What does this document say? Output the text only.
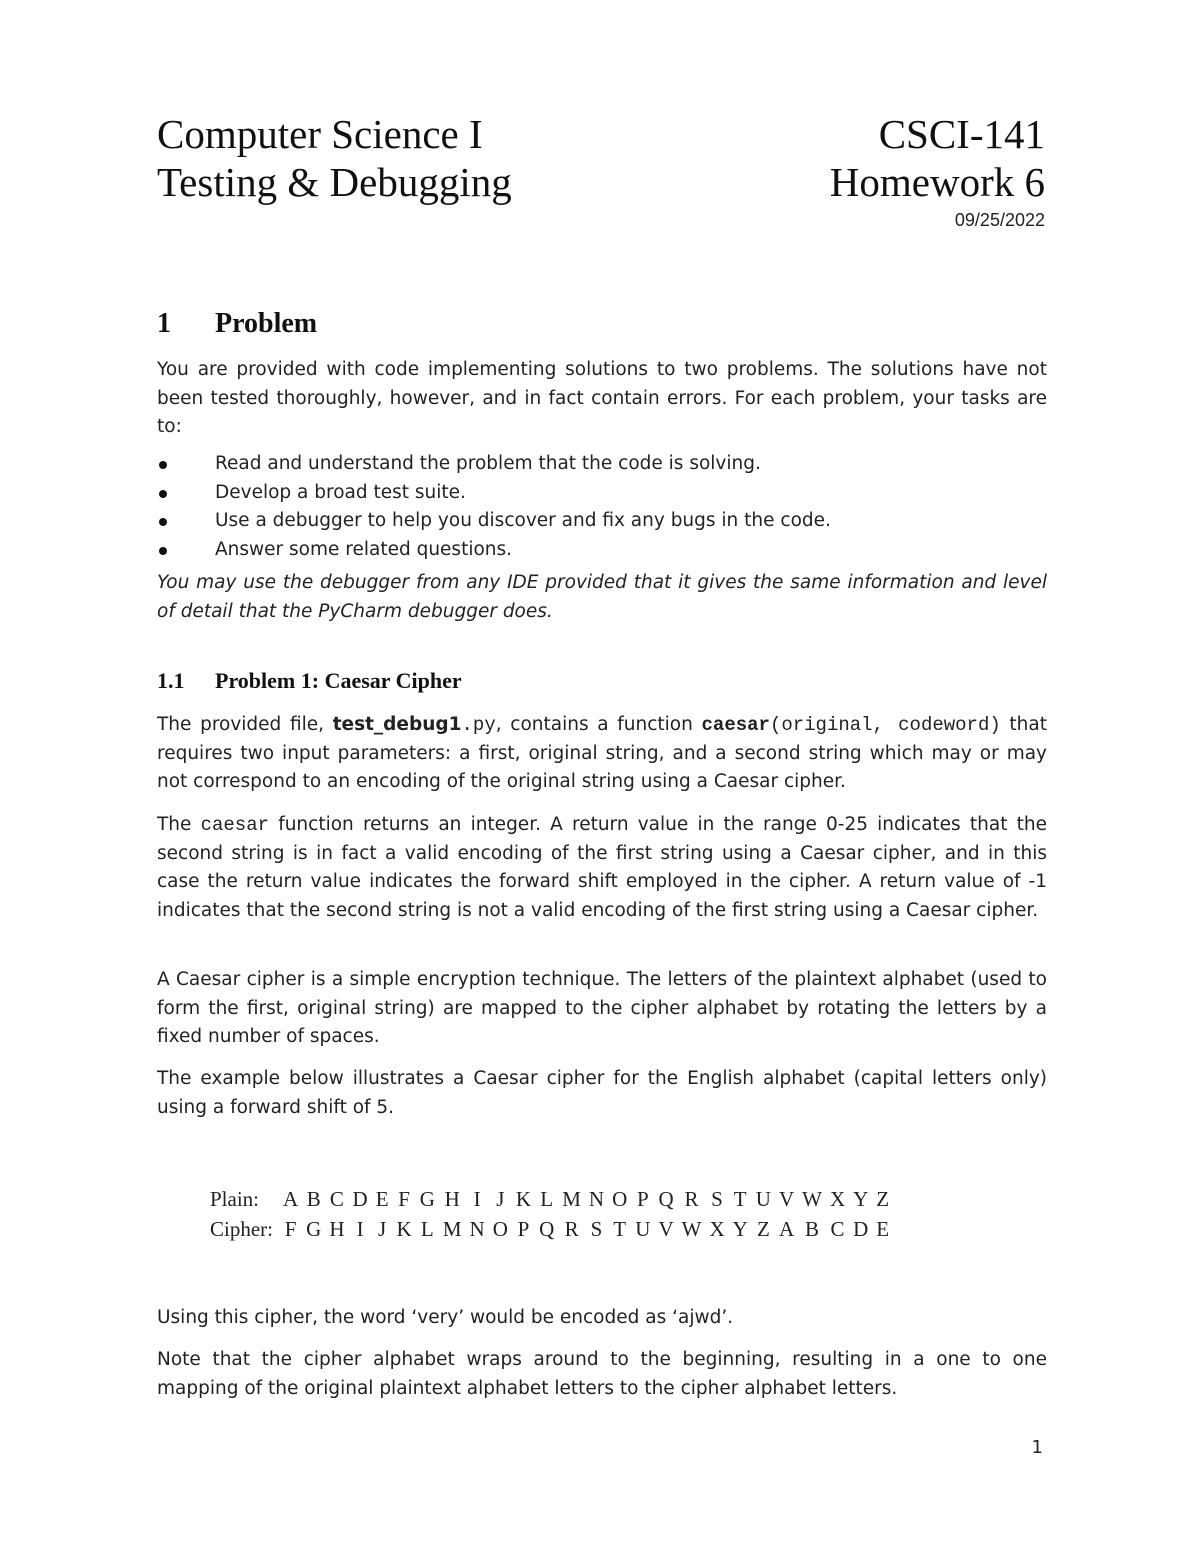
Computer Science I	CSCI-141
Testing & Debugging	Homework 6
09/25/2022
1 Problem

You are provided with code implementing solutions to two problems. The solutions have not been tested thoroughly, however, and in fact contain errors. For each problem, your tasks are to:

Read and understand the problem that the code is solving.
Develop a broad test suite.
Use a debugger to help you discover and fix any bugs in the code.
Answer some related questions.

You may use the debugger from any IDE provided that it gives the same information and level of detail that the PyCharm debugger does.

1.1 Problem 1: Caesar Cipher

The provided file, test_debug1.py, contains a function caesar(original, codeword) that requires two input parameters: a first, original string, and a second string which may or may not correspond to an encoding of the original string using a Caesar cipher.

The caesar function returns an integer. A return value in the range 0-25 indicates that the second string is in fact a valid encoding of the first string using a Caesar cipher, and in this case the return value indicates the forward shift employed in the cipher. A return value of -1 indicates that the second string is not a valid encoding of the first string using a Caesar cipher.

A Caesar cipher is a simple encryption technique. The letters of the plaintext alphabet (used to form the first, original string) are mapped to the cipher alphabet by rotating the letters by a fixed number of spaces.

The example below illustrates a Caesar cipher for the English alphabet (capital letters only) using a forward shift of 5.

Plain:	A	B	C	D	E	F	G	H	I	J	K	L	M	N	O	P	Q	R	S	T	U	V	W	X	Y	Z
Cipher:	F	G	H	I	J	K	L	M	N	O	P	Q	R	S	T	U	V	W	X	Y	Z	A	B	C	D	E

Using this cipher, the word ‘very’ would be encoded as ‘ajwd’.

Note that the cipher alphabet wraps around to the beginning, resulting in a one to one mapping of the original plaintext alphabet letters to the cipher alphabet letters.

1
